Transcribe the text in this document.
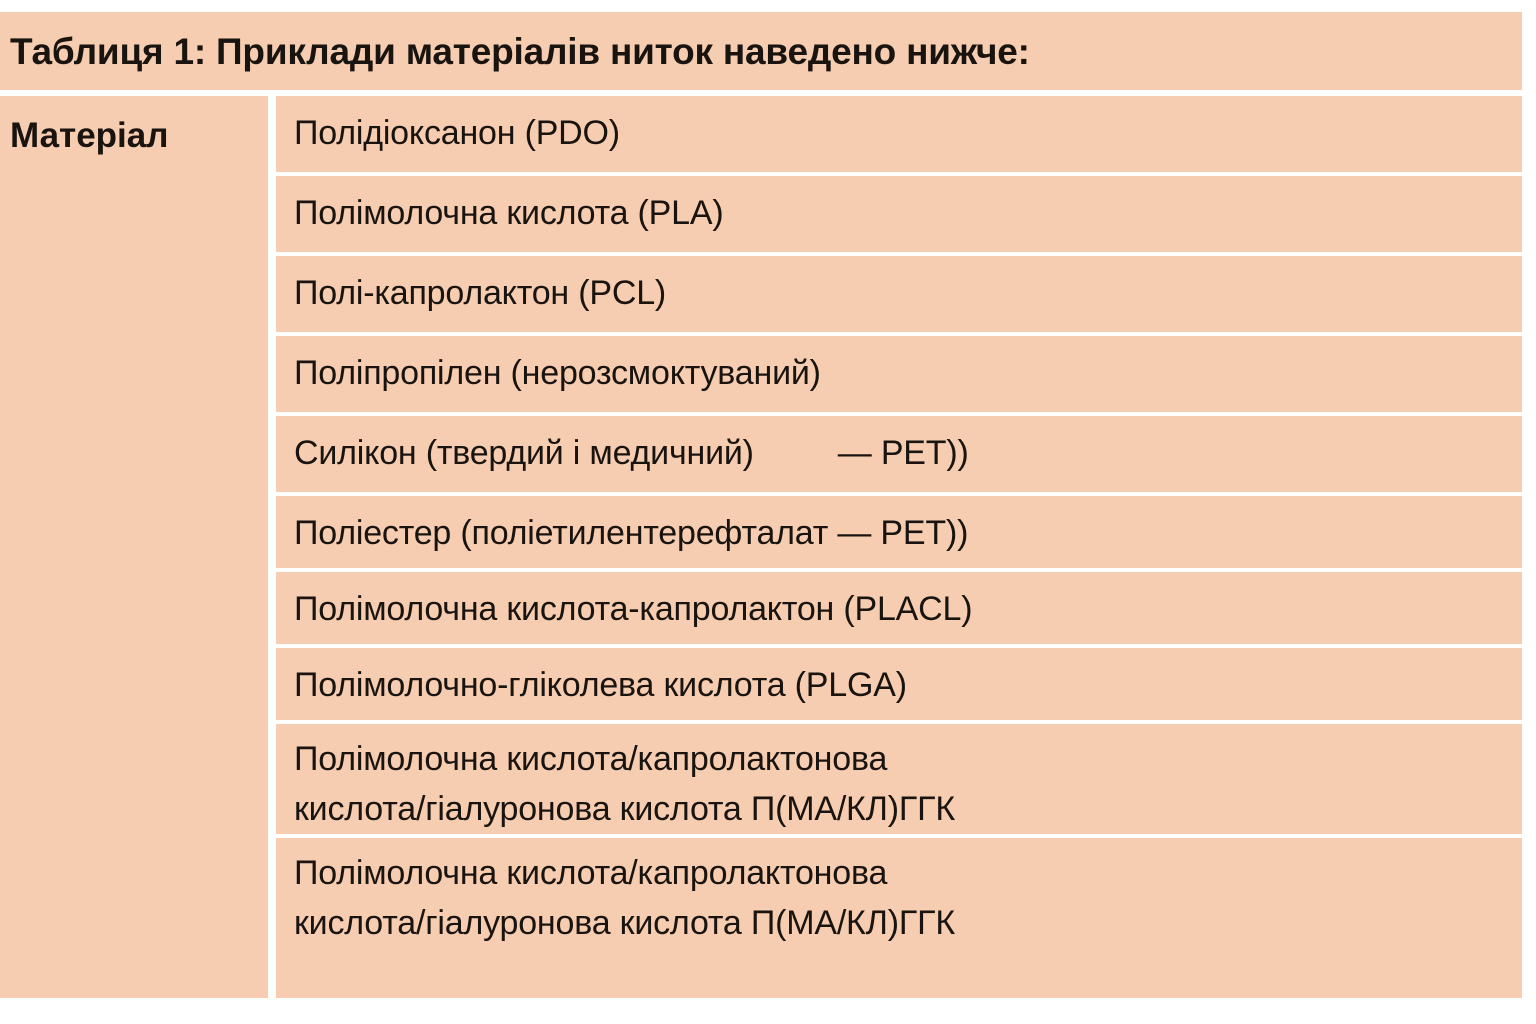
Таблиця 1: Приклади матеріалів ниток наведено нижче:
Матеріал	Полідіоксанон (PDO)
Полімолочна кислота (PLA)
Полі-капролактон (PCL)
Поліпропілен (нерозсмоктуваний)
Силікон (твердий і медичний) — PET))
Поліестер (поліетилентерефталат — PET))
Полімолочна кислота-капролактон (PLACL)
Полімолочно-гліколева кислота (PLGA)
Полімолочна кислота/капролактонова
кислота/гіалуронова кислота П(МА/КЛ)ГГК
Полімолочна кислота/капролактонова
кислота/гіалуронова кислота П(МА/КЛ)ГГК
